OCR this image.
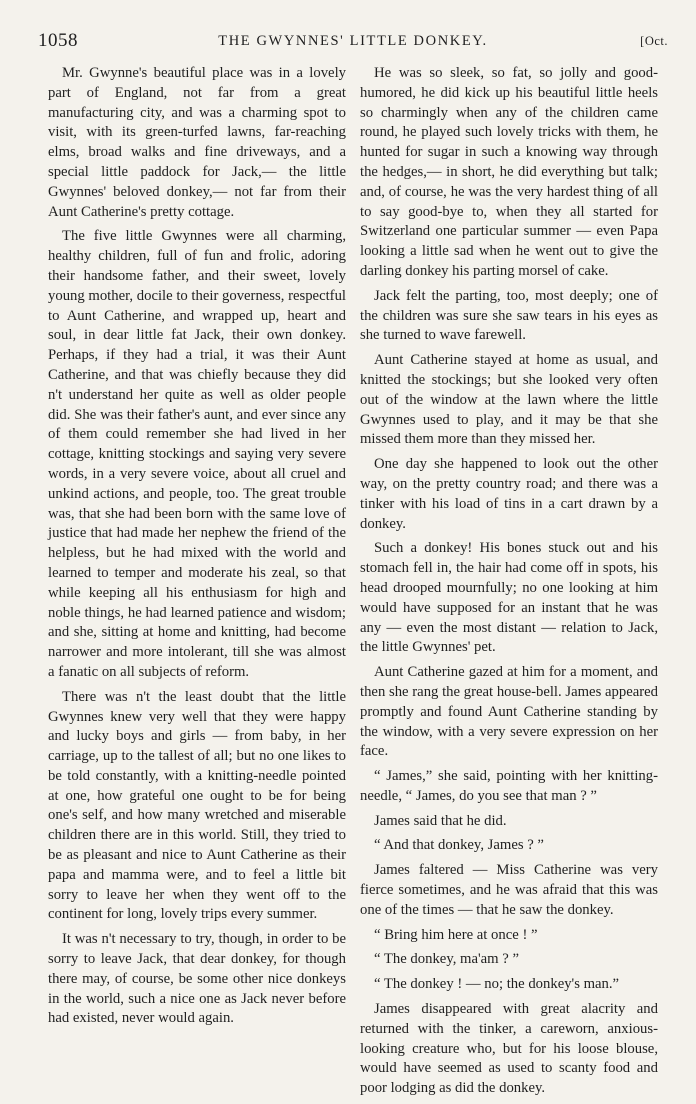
1058	THE GWYNNES' LITTLE DONKEY.	[Oct.

Mr. Gwynne's beautiful place was in a lovely part of England, not far from a great manufacturing city, and was a charming spot to visit, with its green-turfed lawns, far-reaching elms, broad walks and fine driveways, and a special little paddock for Jack,— the little Gwynnes' beloved donkey,— not far from their Aunt Catherine's pretty cottage.

The five little Gwynnes were all charming, healthy children, full of fun and frolic, adoring their handsome father, and their sweet, lovely young mother, docile to their governess, respectful to Aunt Catherine, and wrapped up, heart and soul, in dear little fat Jack, their own donkey. Perhaps, if they had a trial, it was their Aunt Catherine, and that was chiefly because they did n't understand her quite as well as older people did. She was their father's aunt, and ever since any of them could remember she had lived in her cottage, knitting stockings and saying very severe words, in a very severe voice, about all cruel and unkind actions, and people, too. The great trouble was, that she had been born with the same love of justice that had made her nephew the friend of the helpless, but he had mixed with the world and learned to temper and moderate his zeal, so that while keeping all his enthusiasm for high and noble things, he had learned patience and wisdom; and she, sitting at home and knitting, had become narrower and more intolerant, till she was almost a fanatic on all subjects of reform.

There was n't the least doubt that the little Gwynnes knew very well that they were happy and lucky boys and girls — from baby, in her carriage, up to the tallest of all; but no one likes to be told constantly, with a knitting-needle pointed at one, how grateful one ought to be for being one's self, and how many wretched and miserable children there are in this world. Still, they tried to be as pleasant and nice to Aunt Catherine as their papa and mamma were, and to feel a little bit sorry to leave her when they went off to the continent for long, lovely trips every summer.

It was n't necessary to try, though, in order to be sorry to leave Jack, that dear donkey, for though there may, of course, be some other nice donkeys in the world, such a nice one as Jack never before had existed, never would again.

He was so sleek, so fat, so jolly and good-humored, he did kick up his beautiful little heels so charmingly when any of the children came round, he played such lovely tricks with them, he hunted for sugar in such a knowing way through the hedges,— in short, he did everything but talk; and, of course, he was the very hardest thing of all to say good-bye to, when they all started for Switzerland one particular summer — even Papa looking a little sad when he went out to give the darling donkey his parting morsel of cake.

Jack felt the parting, too, most deeply; one of the children was sure she saw tears in his eyes as she turned to wave farewell.

Aunt Catherine stayed at home as usual, and knitted the stockings; but she looked very often out of the window at the lawn where the little Gwynnes used to play, and it may be that she missed them more than they missed her.

One day she happened to look out the other way, on the pretty country road; and there was a tinker with his load of tins in a cart drawn by a donkey.

Such a donkey! His bones stuck out and his stomach fell in, the hair had come off in spots, his head drooped mournfully; no one looking at him would have supposed for an instant that he was any — even the most distant — relation to Jack, the little Gwynnes' pet.

Aunt Catherine gazed at him for a moment, and then she rang the great house-bell. James appeared promptly and found Aunt Catherine standing by the window, with a very severe expression on her face.

“ James,” she said, pointing with her knitting-needle, “ James, do you see that man ? ”

James said that he did.

“ And that donkey, James ? ”

James faltered — Miss Catherine was very fierce sometimes, and he was afraid that this was one of the times — that he saw the donkey.

“ Bring him here at once ! ”

“ The donkey, ma'am ? ”

“ The donkey ! — no; the donkey's man.”

James disappeared with great alacrity and returned with the tinker, a careworn, anxious-looking creature who, but for his loose blouse, would have seemed as used to scanty food and poor lodging as did the donkey.
